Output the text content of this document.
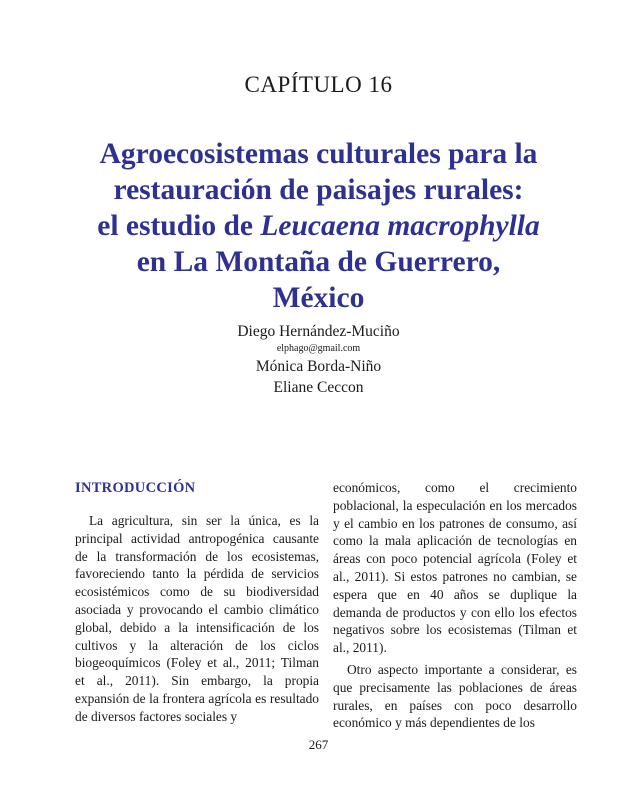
CAPÍTULO 16
Agroecosistemas culturales para la
restauración de paisajes rurales:
el estudio de Leucaena macrophylla
en La Montaña de Guerrero,
México
Diego Hernández-Muciño
elphago@gmail.com
Mónica Borda-Niño
Eliane Ceccon
INTRODUCCIÓN

La agricultura, sin ser la única, es la principal actividad antropogénica causante de la transformación de los ecosistemas, favoreciendo tanto la pérdida de servicios ecosistémicos como de su biodiversidad asociada y provocando el cambio climático global, debido a la intensificación de los cultivos y la alteración de los ciclos biogeoquímicos (Foley et al., 2011; Tilman et al., 2011). Sin embargo, la propia expansión de la frontera agrícola es resultado de diversos factores sociales y

económicos, como el crecimiento poblacional, la especulación en los mercados y el cambio en los patrones de consumo, así como la mala aplicación de tecnologías en áreas con poco potencial agrícola (Foley et al., 2011). Si estos patrones no cambian, se espera que en 40 años se duplique la demanda de productos y con ello los efectos negativos sobre los ecosistemas (Tilman et al., 2011).

Otro aspecto importante a considerar, es que precisamente las poblaciones de áreas rurales, en países con poco desarrollo económico y más dependientes de los

267
